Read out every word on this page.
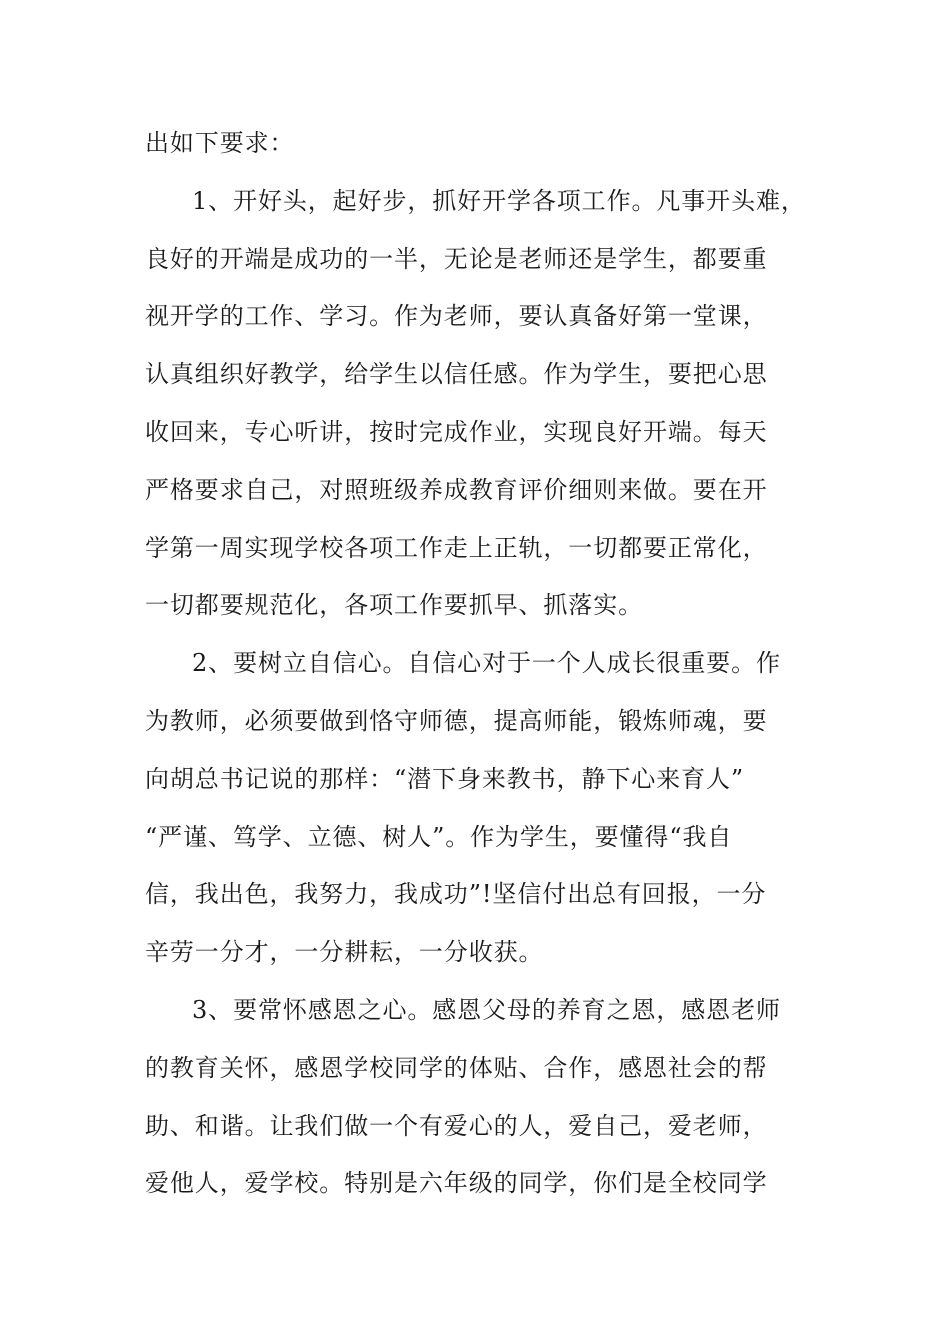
出如下要求：
1、开好头，起好步，抓好开学各项工作。凡事开头难，
良好的开端是成功的一半，无论是老师还是学生，都要重
视开学的工作、学习。作为老师，要认真备好第一堂课，
认真组织好教学，给学生以信任感。作为学生，要把心思
收回来，专心听讲，按时完成作业，实现良好开端。每天
严格要求自己，对照班级养成教育评价细则来做。要在开
学第一周实现学校各项工作走上正轨，一切都要正常化，
一切都要规范化，各项工作要抓早、抓落实。
2、要树立自信心。自信心对于一个人成长很重要。作
为教师，必须要做到恪守师德，提高师能，锻炼师魂，要
向胡总书记说的那样：“潜下身来教书，静下心来育人”
“严谨、笃学、立德、树人”。作为学生，要懂得“我自
信，我出色，我努力，我成功”!坚信付出总有回报，一分
辛劳一分才，一分耕耘，一分收获。
3、要常怀感恩之心。感恩父母的养育之恩，感恩老师
的教育关怀，感恩学校同学的体贴、合作，感恩社会的帮
助、和谐。让我们做一个有爱心的人，爱自己，爱老师，
爱他人，爱学校。特别是六年级的同学，你们是全校同学
